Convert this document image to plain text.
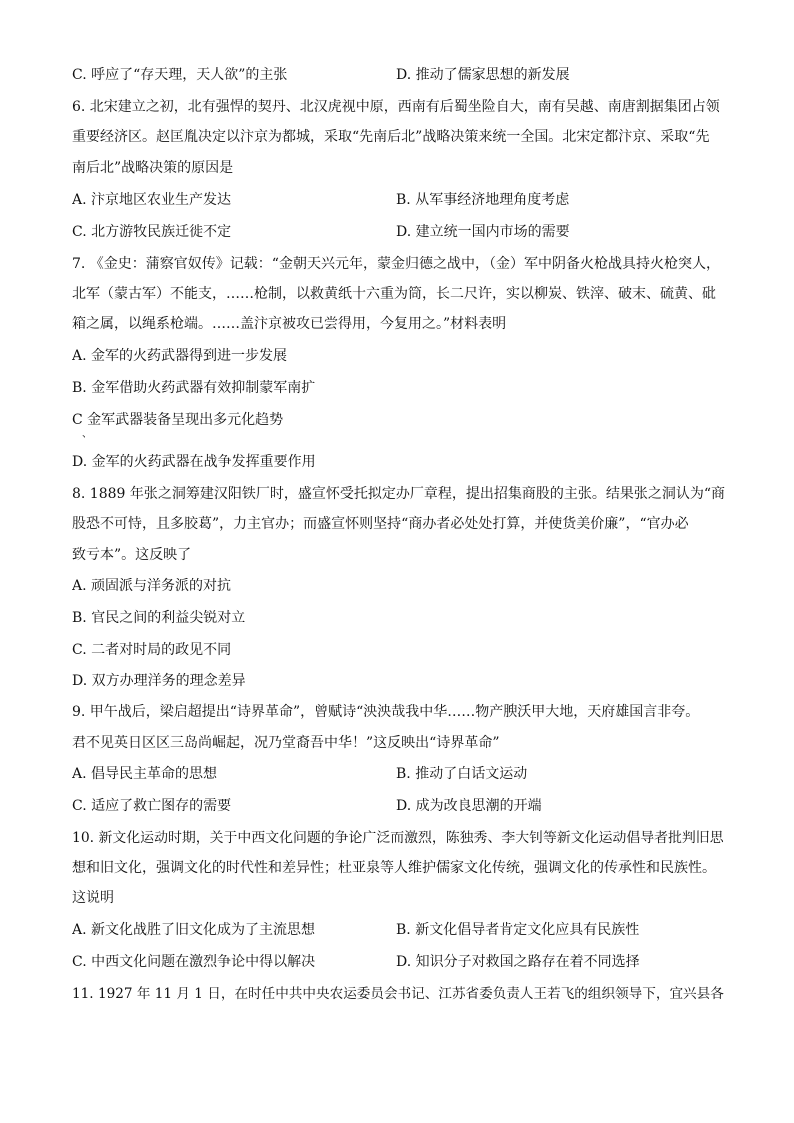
C. 呼应了“存天理，天人欲”的主张	D. 推动了儒家思想的新发展
6. 北宋建立之初，北有强悍的契丹、北汉虎视中原，西南有后蜀坐险自大，南有吴越、南唐割据集团占领
重要经济区。赵匡胤决定以汴京为都城，采取“先南后北”战略决策来统一全国。北宋定都汴京、采取“先
南后北”战略决策的原因是
A. 汴京地区农业生产发达	B. 从军事经济地理角度考虑
C. 北方游牧民族迁徙不定	D. 建立统一国内市场的需要
7. 《金史：蒲察官奴传》记载：“金朝天兴元年，蒙金归德之战中，（金）军中阴备火枪战具持火枪突人，
北军（蒙古军）不能支，……枪制，以救黄纸十六重为筒，长二尺许，实以柳炭、铁滓、破末、硫黄、砒
箱之属，以绳系枪端。……盖汴京被攻已尝得用，今复用之。”材料表明
A. 金军的火药武器得到进一步发展
B. 金军借助火药武器有效抑制蒙军南扩
C 金军武器装备呈现出多元化趋势
、
D. 金军的火药武器在战争发挥重要作用
8. 1889 年张之洞筹建汉阳铁厂时，盛宣怀受托拟定办厂章程，提出招集商股的主张。结果张之洞认为“商
股恐不可恃，且多胶葛”，力主官办；而盛宣怀则坚持“商办者必处处打算，并使货美价廉”，“官办必
致亏本”。这反映了
A. 顽固派与洋务派的对抗
B. 官民之间的利益尖锐对立
C. 二者对时局的政见不同
D. 双方办理洋务的理念差异
9. 甲午战后，梁启超提出“诗界革命”，曾赋诗“泱泱哉我中华……物产腴沃甲大地，天府雄国言非夸。
君不见英日区区三岛尚崛起，况乃堂裔吾中华！”这反映出“诗界革命”
A. 倡导民主革命的思想	B. 推动了白话文运动
C. 适应了救亡图存的需要	D. 成为改良思潮的开端
10. 新文化运动时期，关于中西文化问题的争论广泛而激烈，陈独秀、李大钊等新文化运动倡导者批判旧思
想和旧文化，强调文化的时代性和差异性；杜亚泉等人维护儒家文化传统，强调文化的传承性和民族性。
这说明
A. 新文化战胜了旧文化成为了主流思想	B. 新文化倡导者肯定文化应具有民族性
C. 中西文化问题在激烈争论中得以解决	D. 知识分子对救国之路存在着不同选择
11. 1927 年 11 月 1 日，在时任中共中央农运委员会书记、江苏省委负责人王若飞的组织领导下，宜兴县各
